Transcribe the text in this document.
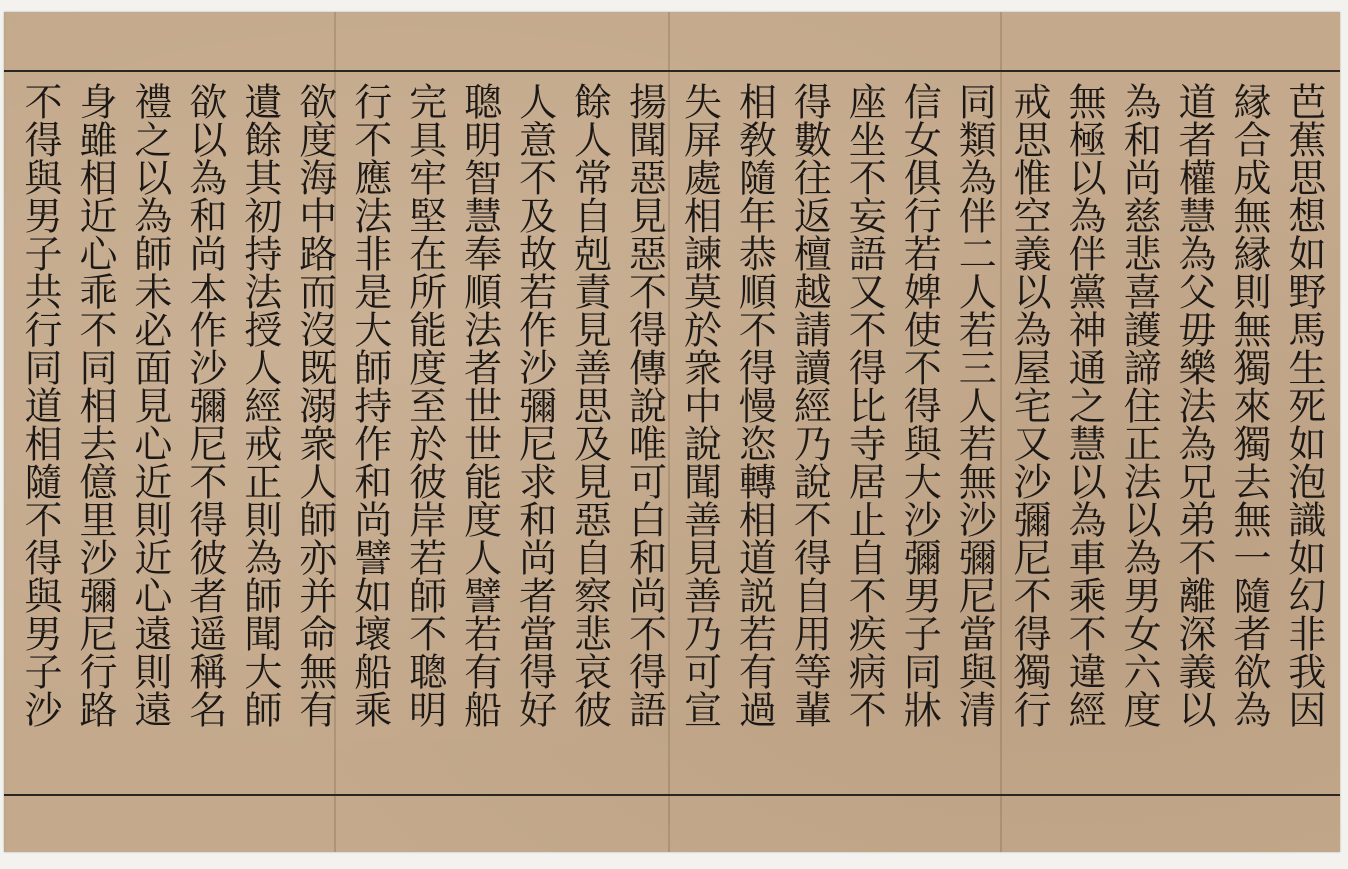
芭蕉思想如野馬生死如泡識如幻非我因
縁合成無縁則無獨來獨去無一隨者欲為
道者權慧為父毋樂法為兄弟不離深義以
為和尚慈悲喜護諦住正法以為男女六度
無極以為伴黨神通之慧以為車乘不違經
戒思惟空義以為屋宅又沙彌尼不得獨行
同類為伴二人若三人若無沙彌尼當與清
信女俱行若婢使不得與大沙彌男子同牀
座坐不妄語又不得比寺居止自不疾病不
得數往返檀越請讀經乃說不得自用等輩
相敎隨年恭順不得慢恣轉相道説若有過
失屏處相諫莫於衆中說聞善見善乃可宣
揚聞惡見惡不得傳說唯可白和尚不得語
餘人常自剋責見善思及見惡自察悲哀彼
人意不及故若作沙彌尼求和尚者當得好
聰明智慧奉順法者世世能度人譬若有船
完具牢堅在所能度至於彼岸若師不聰明
行不應法非是大師持作和尚譬如壞船乘
欲度海中路而沒既溺衆人師亦并命無有
遺餘其初持法授人經戒正則為師聞大師
欲以為和尚本作沙彌尼不得彼者遥稱名
禮之以為師未必面見心近則近心遠則遠
身雖相近心乖不同相去億里沙彌尼行路
不得與男子共行同道相隨不得與男子沙
